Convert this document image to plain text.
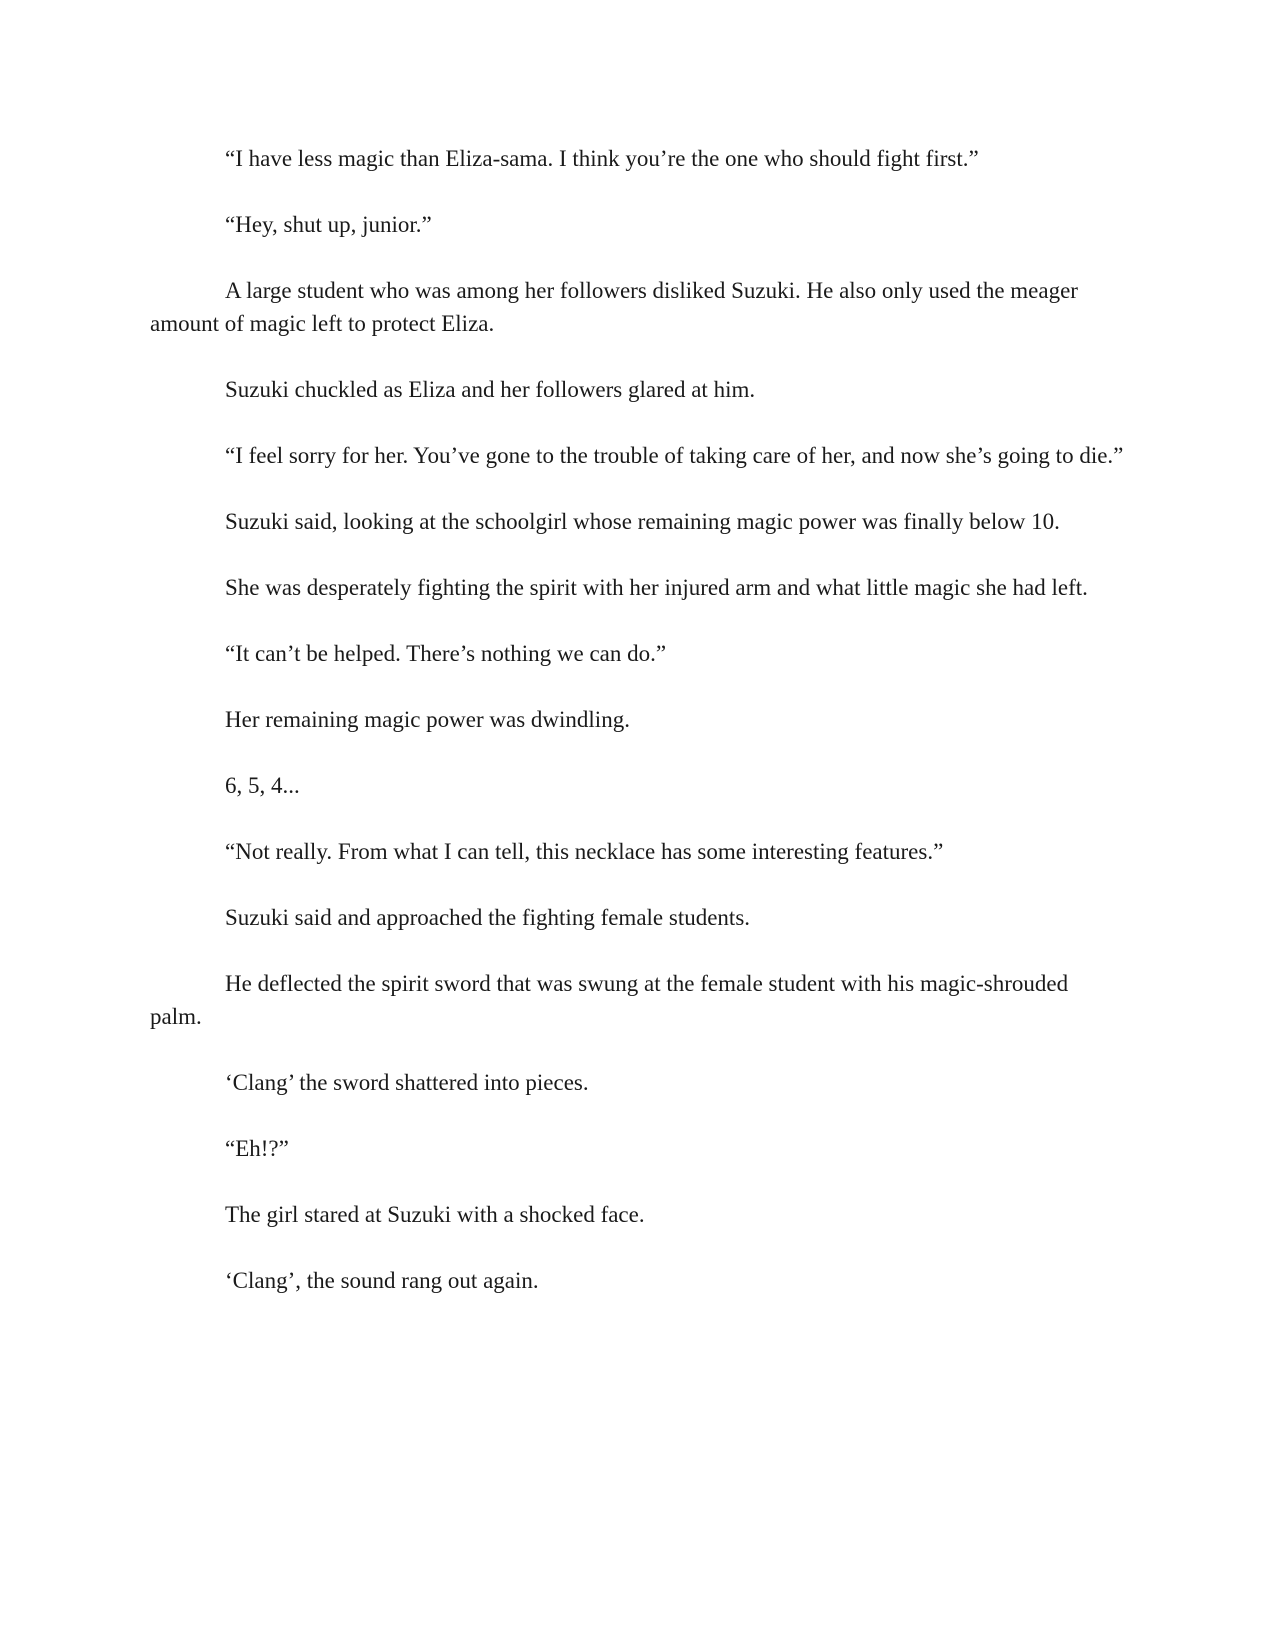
“I have less magic than Eliza-sama. I think you’re the one who should fight first.”

“Hey, shut up, junior.”

A large student who was among her followers disliked Suzuki. He also only used the meager amount of magic left to protect Eliza.

Suzuki chuckled as Eliza and her followers glared at him.

“I feel sorry for her. You’ve gone to the trouble of taking care of her, and now she’s going to die.”

Suzuki said, looking at the schoolgirl whose remaining magic power was finally below 10.

She was desperately fighting the spirit with her injured arm and what little magic she had left.

“It can’t be helped. There’s nothing we can do.”

Her remaining magic power was dwindling.

6, 5, 4...

“Not really. From what I can tell, this necklace has some interesting features.”

Suzuki said and approached the fighting female students.

He deflected the spirit sword that was swung at the female student with his magic-shrouded palm.

‘Clang’ the sword shattered into pieces.

“Eh!?”

The girl stared at Suzuki with a shocked face.

‘Clang’, the sound rang out again.
